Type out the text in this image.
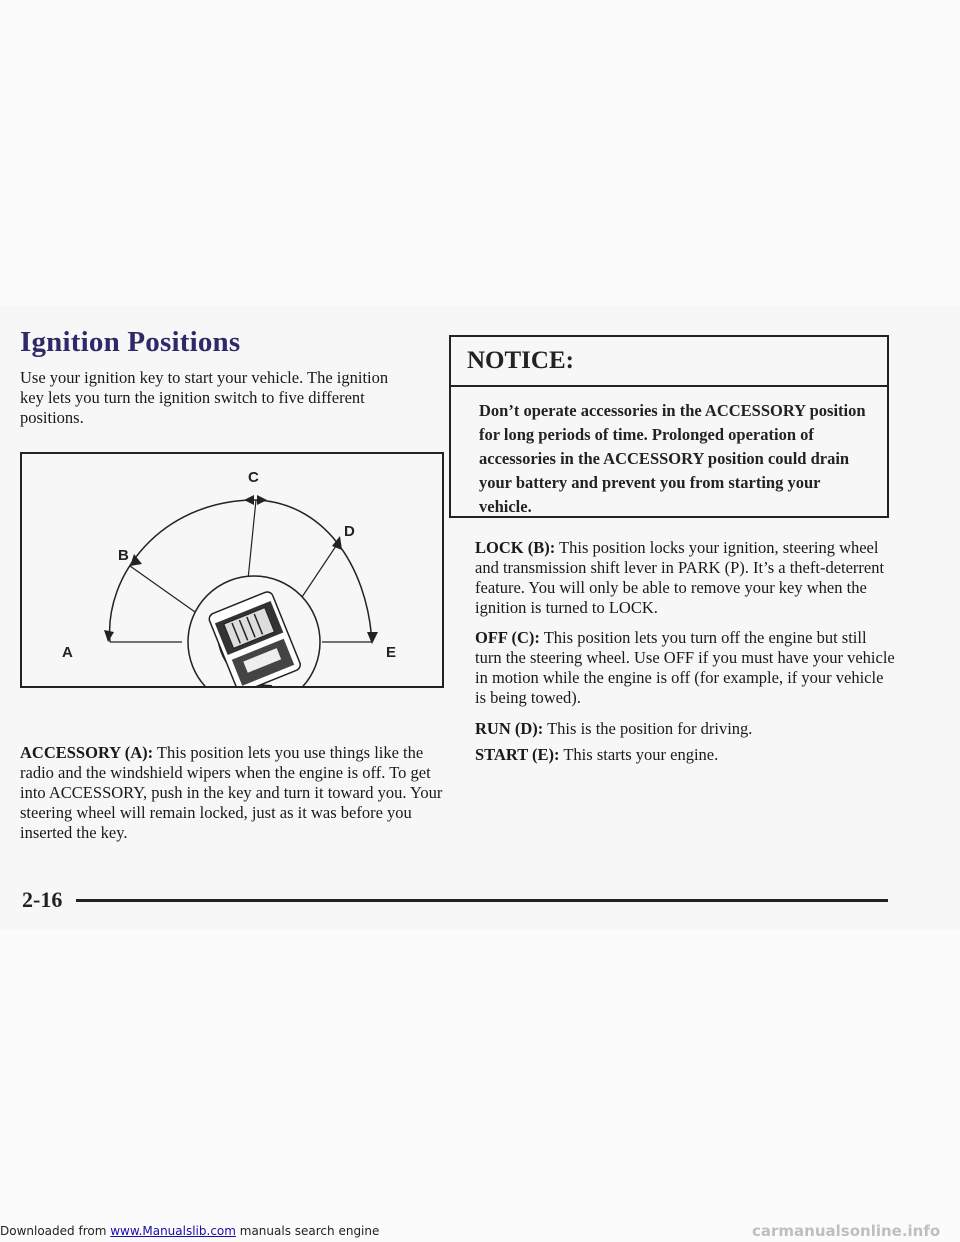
Ignition Positions

Use your ignition key to start your vehicle. The ignition key lets you turn the ignition switch to five different positions.

C
B
D
A	E

ACCESSORY (A): This position lets you use things like the radio and the windshield wipers when the engine is off. To get into ACCESSORY, push in the key and turn it toward you. Your steering wheel will remain locked, just as it was before you inserted the key.

NOTICE:
Don’t operate accessories in the ACCESSORY position for long periods of time. Prolonged operation of accessories in the ACCESSORY position could drain your battery and prevent you from starting your vehicle.

LOCK (B): This position locks your ignition, steering wheel and transmission shift lever in PARK (P). It’s a theft-deterrent feature. You will only be able to remove your key when the ignition is turned to LOCK.

OFF (C): This position lets you turn off the engine but still turn the steering wheel. Use OFF if you must have your vehicle in motion while the engine is off (for example, if your vehicle is being towed).

RUN (D): This is the position for driving.

START (E): This starts your engine.

2-16
Downloaded from www.Manualslib.com manuals search engine	carmanualsonline.info
